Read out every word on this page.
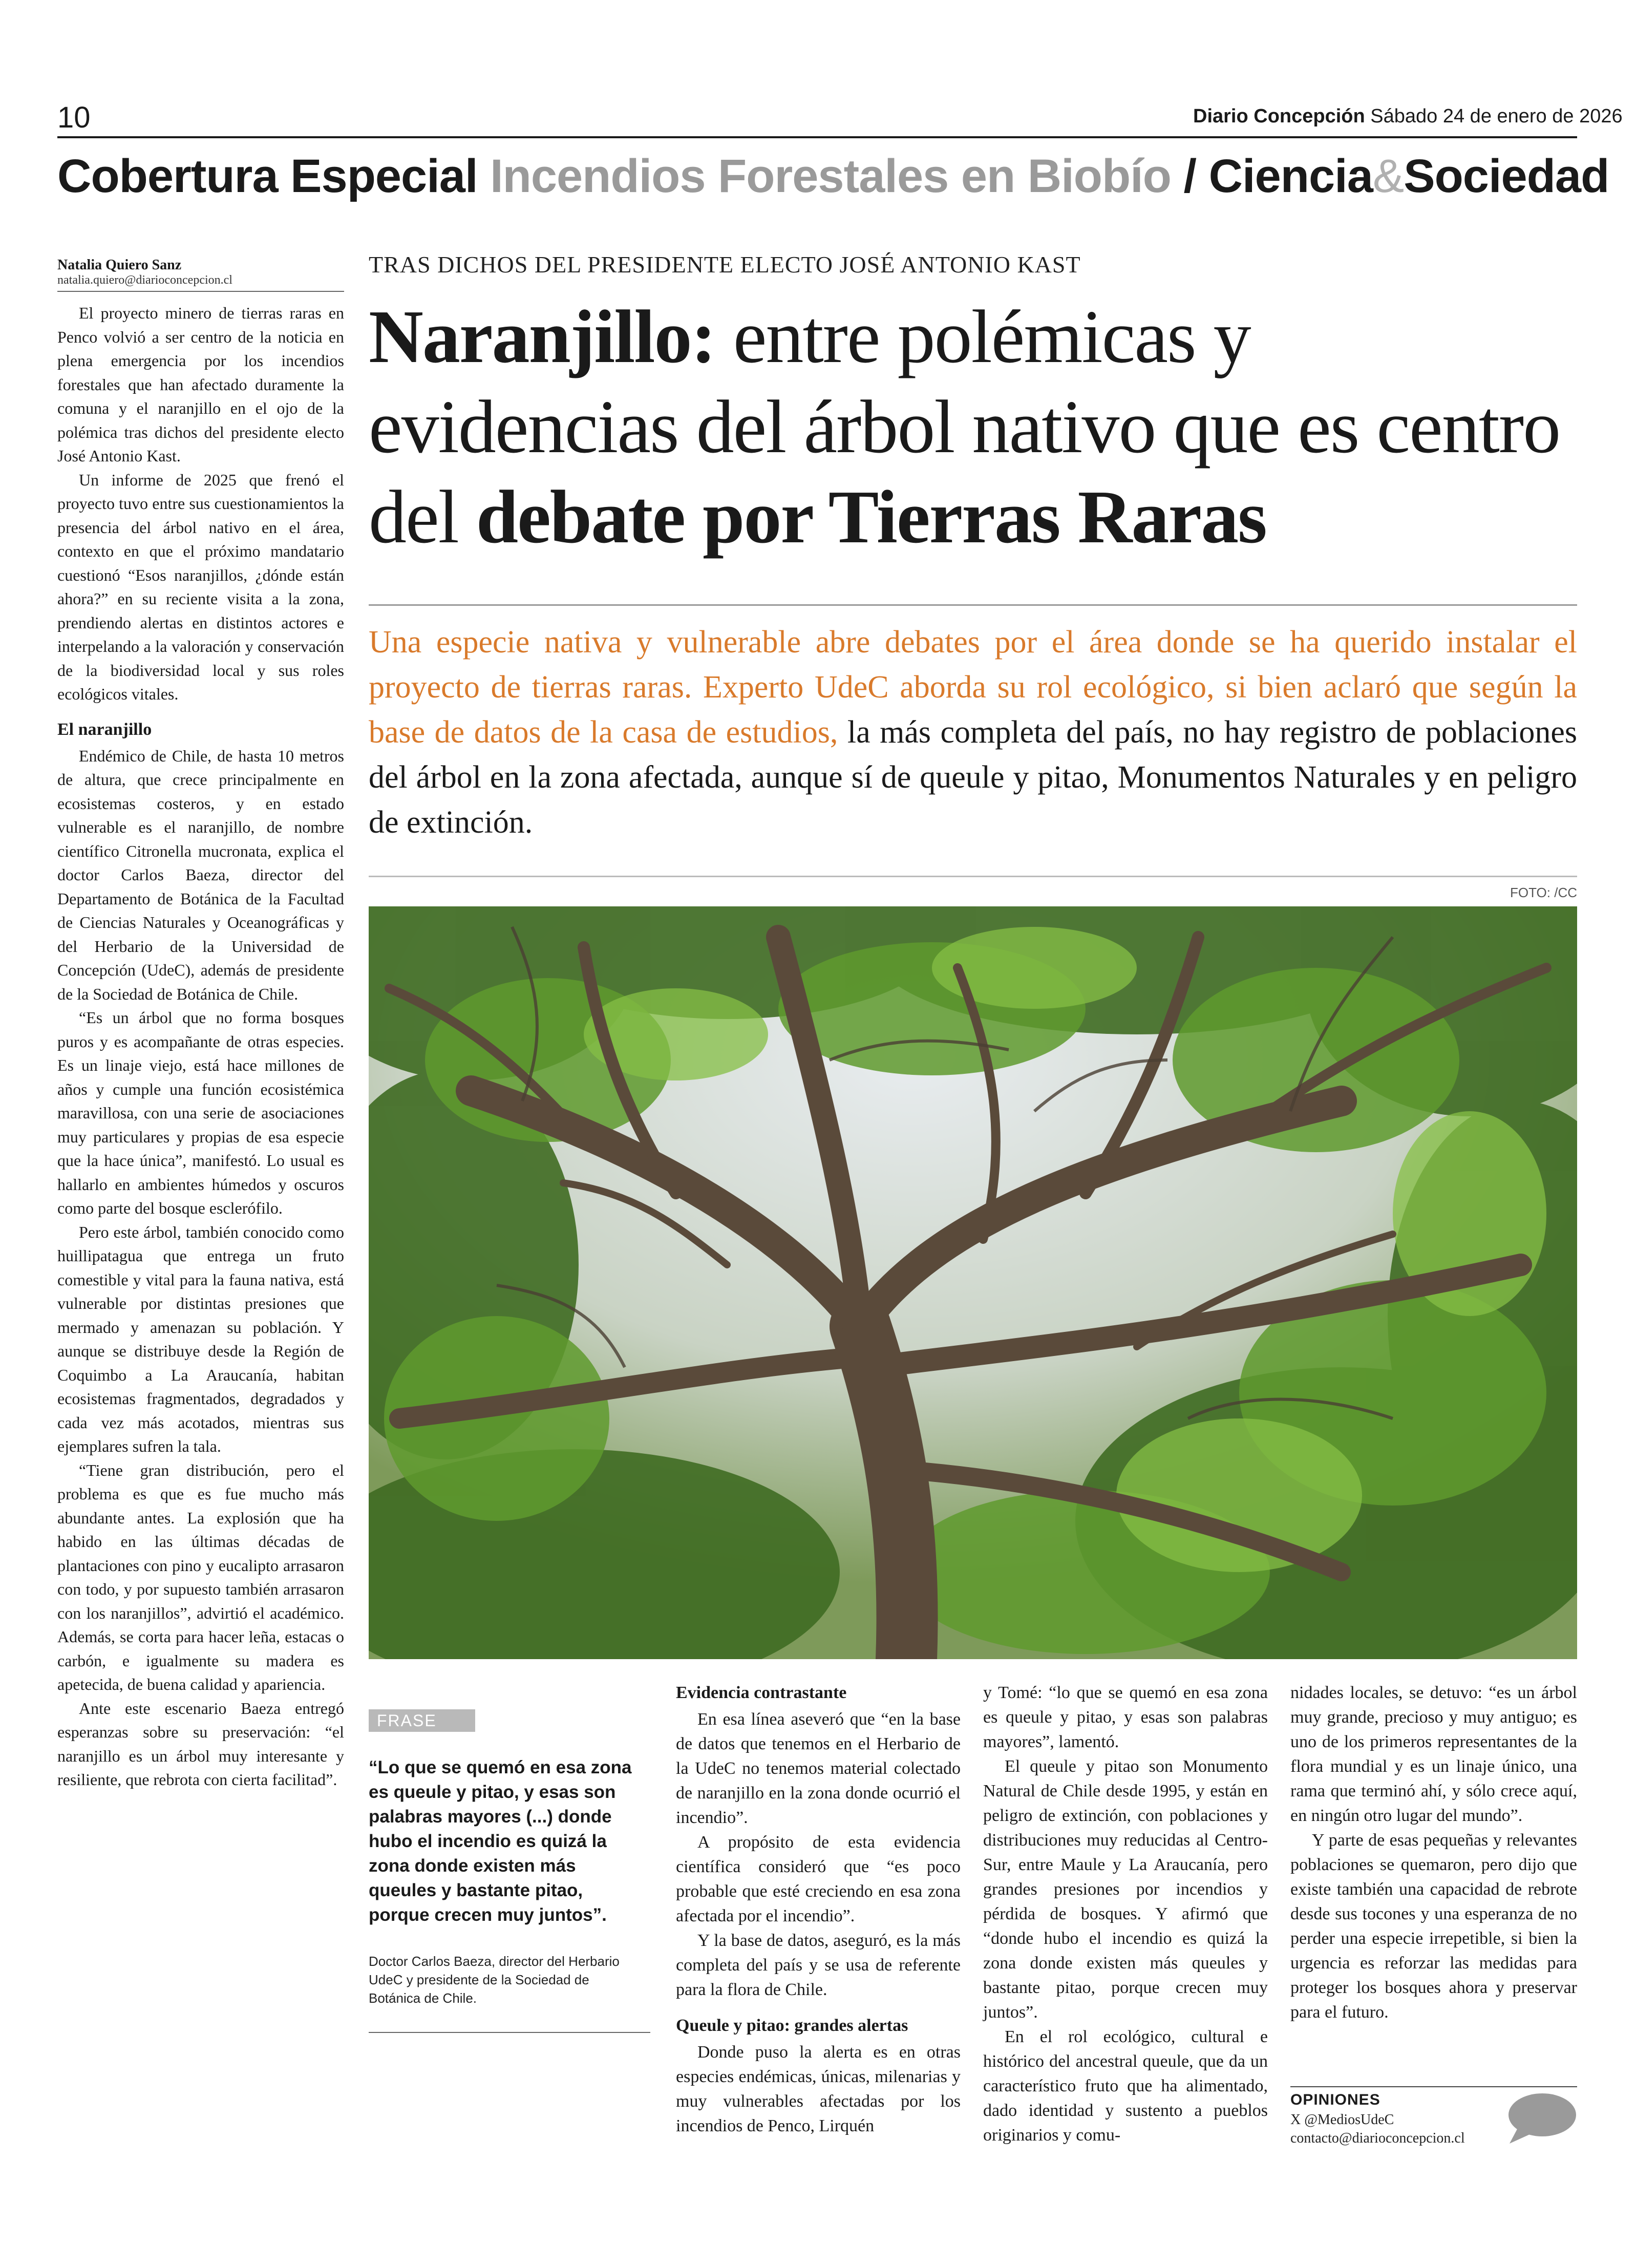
10	Diario Concepción Sábado 24 de enero de 2026
Cobertura Especial Incendios Forestales en Biobío / Ciencia&Sociedad
Natalia Quiero Sanz
natalia.quiero@diarioconcepcion.cl

El proyecto minero de tierras raras en Penco volvió a ser centro de la noticia en plena emergencia por los incendios forestales que han afectado duramente la comuna y el naranjillo en el ojo de la polémica tras dichos del presidente electo José Antonio Kast.

Un informe de 2025 que frenó el proyecto tuvo entre sus cuestionamientos la presencia del árbol nativo en el área, contexto en que el próximo mandatario cuestionó “Esos naranjillos, ¿dónde están ahora?” en su reciente visita a la zona, prendiendo alertas en distintos actores e interpelando a la valoración y conservación de la biodiversidad local y sus roles ecológicos vitales.

El naranjillo

Endémico de Chile, de hasta 10 metros de altura, que crece principalmente en ecosistemas costeros, y en estado vulnerable es el naranjillo, de nombre científico Citronella mucronata, explica el doctor Carlos Baeza, director del Departamento de Botánica de la Facultad de Ciencias Naturales y Oceanográficas y del Herbario de la Universidad de Concepción (UdeC), además de presidente de la Sociedad de Botánica de Chile.

“Es un árbol que no forma bosques puros y es acompañante de otras especies. Es un linaje viejo, está hace millones de años y cumple una función ecosistémica maravillosa, con una serie de asociaciones muy particulares y propias de esa especie que la hace única”, manifestó. Lo usual es hallarlo en ambientes húmedos y oscuros como parte del bosque esclerófilo.

Pero este árbol, también conocido como huillipatagua que entrega un fruto comestible y vital para la fauna nativa, está vulnerable por distintas presiones que mermado y amenazan su población. Y aunque se distribuye desde la Región de Coquimbo a La Araucanía, habitan ecosistemas fragmentados, degradados y cada vez más acotados, mientras sus ejemplares sufren la tala.

“Tiene gran distribución, pero el problema es que es fue mucho más abundante antes. La explosión que ha habido en las últimas décadas de plantaciones con pino y eucalipto arrasaron con todo, y por supuesto también arrasaron con los naranjillos”, advirtió el académico. Además, se corta para hacer leña, estacas o carbón, e igualmente su madera es apetecida, de buena calidad y apariencia.

Ante este escenario Baeza entregó esperanzas sobre su preservación: “el naranjillo es un árbol muy interesante y resiliente, que rebrota con cierta facilitad”.

TRAS DICHOS DEL PRESIDENTE ELECTO JOSÉ ANTONIO KAST
Naranjillo: entre polémicas y evidencias del árbol nativo que es centro del debate por Tierras Raras
Una especie nativa y vulnerable abre debates por el área donde se ha querido instalar el proyecto de tierras raras. Experto UdeC aborda su rol ecológico, si bien aclaró que según la base de datos de la casa de estudios, la más completa del país, no hay registro de poblaciones del árbol en la zona afectada, aunque sí de queule y pitao, Monumentos Naturales y en peligro de extinción.
FOTO: /CC
FRASE
“Lo que se quemó en esa zona es queule y pitao, y esas son palabras mayores (...) donde hubo el incendio es quizá la zona donde existen más queules y bastante pitao, porque crecen muy juntos”.
Doctor Carlos Baeza, director del Herbario UdeC y presidente de la Sociedad de Botánica de Chile.
Evidencia contrastante

En esa línea aseveró que “en la base de datos que tenemos en el Herbario de la UdeC no tenemos material colectado de naranjillo en la zona donde ocurrió el incendio”.

A propósito de esta evidencia científica consideró que “es poco probable que esté creciendo en esa zona afectada por el incendio”.

Y la base de datos, aseguró, es la más completa del país y se usa de referente para la flora de Chile.

Queule y pitao: grandes alertas

Donde puso la alerta es en otras especies endémicas, únicas, milenarias y muy vulnerables afectadas por los incendios de Penco, Lirquén

y Tomé: “lo que se quemó en esa zona es queule y pitao, y esas son palabras mayores”, lamentó.

El queule y pitao son Monumento Natural de Chile desde 1995, y están en peligro de extinción, con poblaciones y distribuciones muy reducidas al Centro-Sur, entre Maule y La Araucanía, pero grandes presiones por incendios y pérdida de bosques. Y afirmó que “donde hubo el incendio es quizá la zona donde existen más queules y bastante pitao, porque crecen muy juntos”.

En el rol ecológico, cultural e histórico del ancestral queule, que da un característico fruto que ha alimentado, dado identidad y sustento a pueblos originarios y comu-

nidades locales, se detuvo: “es un árbol muy grande, precioso y muy antiguo; es uno de los primeros representantes de la flora mundial y es un linaje único, una rama que terminó ahí, y sólo crece aquí, en ningún otro lugar del mundo”.

Y parte de esas pequeñas y relevantes poblaciones se quemaron, pero dijo que existe también una capacidad de rebrote desde sus tocones y una esperanza de no perder una especie irrepetible, si bien la urgencia es reforzar las medidas para proteger los bosques ahora y preservar para el futuro.

OPINIONES
X @MediosUdeC
contacto@diarioconcepcion.cl
